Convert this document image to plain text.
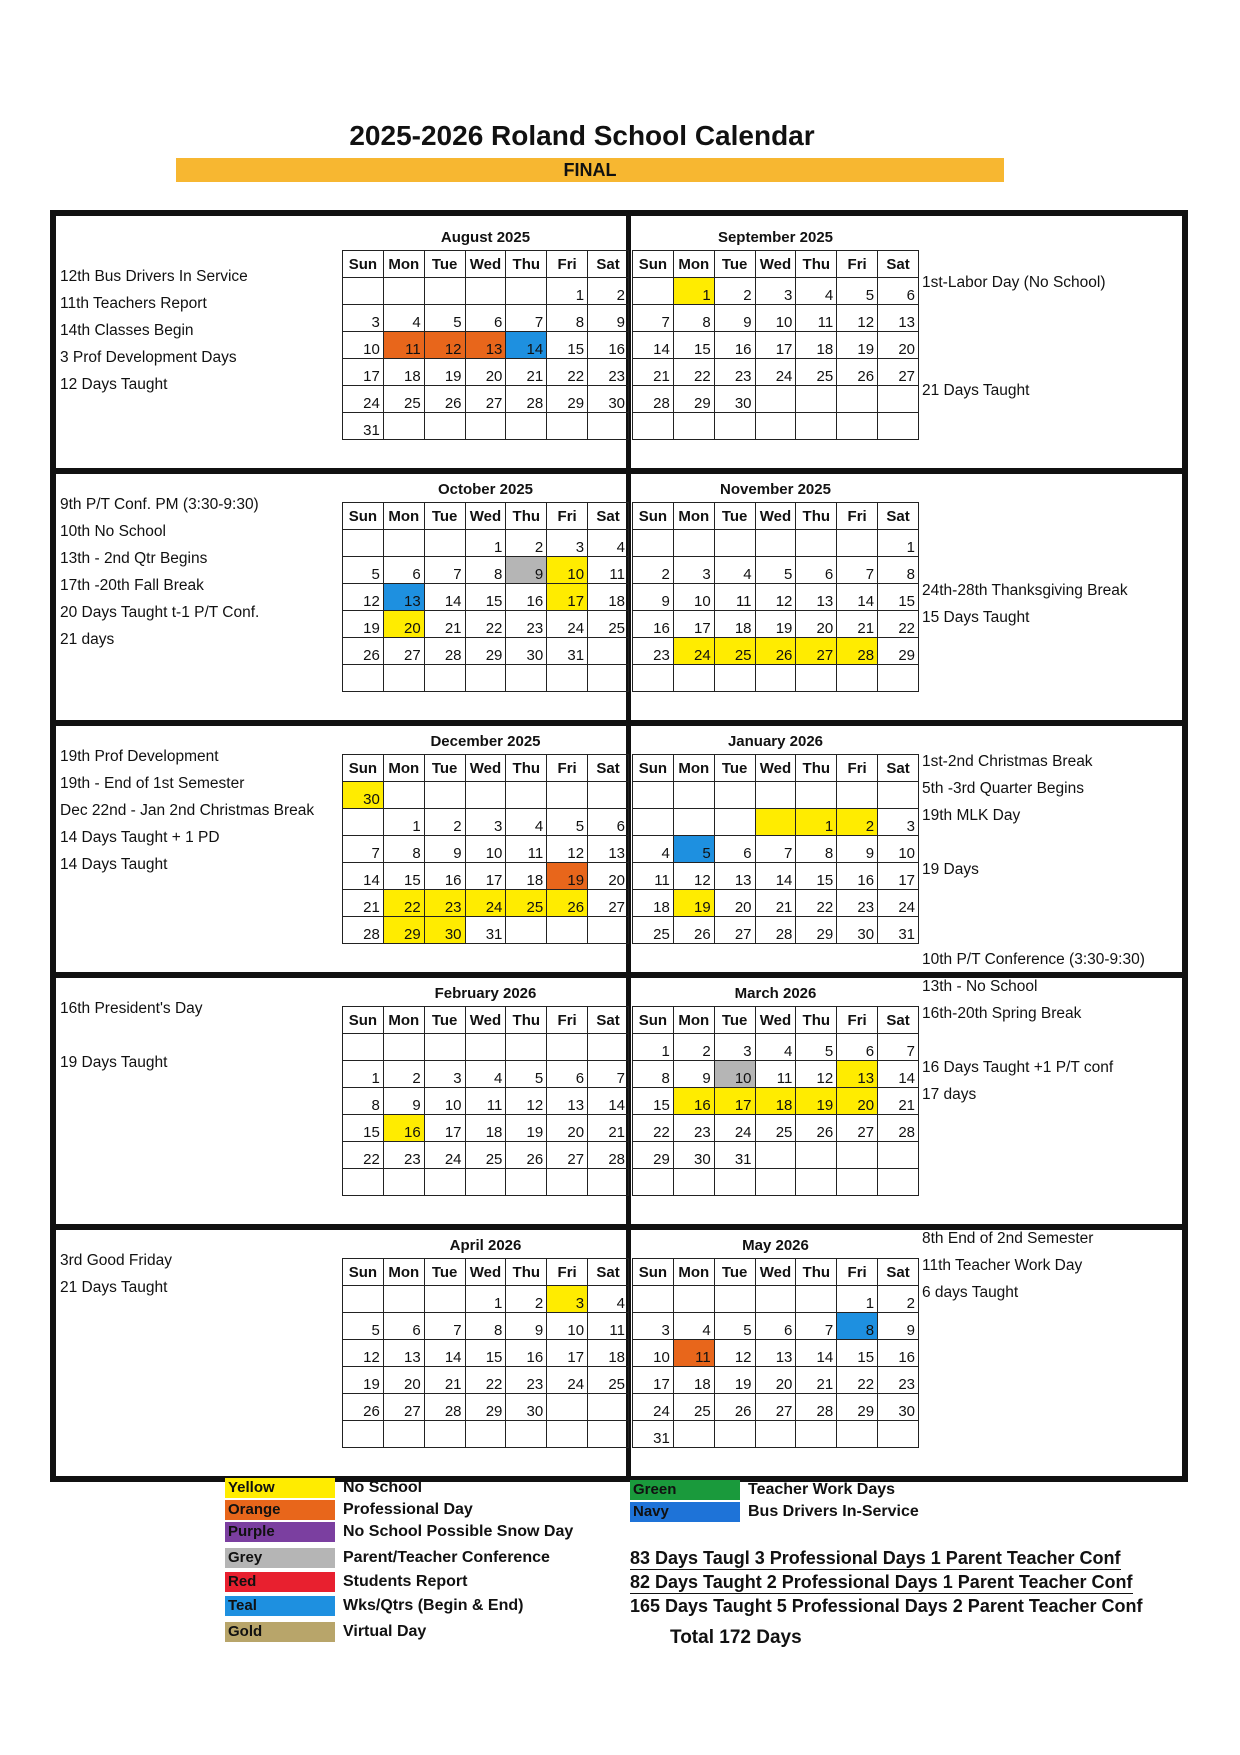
2025-2026 Roland School Calendar
FINAL
August 2025
Sun	Mon	Tue	Wed	Thu	Fri	Sat
					1	2
3	4	5	6	7	8	9
10	11	12	13	14	15	16
17	18	19	20	21	22	23
24	25	26	27	28	29	30
31						
September 2025
Sun	Mon	Tue	Wed	Thu	Fri	Sat
	1	2	3	4	5	6
7	8	9	10	11	12	13
14	15	16	17	18	19	20
21	22	23	24	25	26	27
28	29	30				

October 2025
Sun	Mon	Tue	Wed	Thu	Fri	Sat
			1	2	3	4
5	6	7	8	9	10	11
12	13	14	15	16	17	18
19	20	21	22	23	24	25
26	27	28	29	30	31	

November 2025
Sun	Mon	Tue	Wed	Thu	Fri	Sat
						1
2	3	4	5	6	7	8
9	10	11	12	13	14	15
16	17	18	19	20	21	22
23	24	25	26	27	28	29

December 2025
Sun	Mon	Tue	Wed	Thu	Fri	Sat
30						
	1	2	3	4	5	6
7	8	9	10	11	12	13
14	15	16	17	18	19	20
21	22	23	24	25	26	27
28	29	30	31			
January 2026
Sun	Mon	Tue	Wed	Thu	Fri	Sat

				1	2	3
4	5	6	7	8	9	10
11	12	13	14	15	16	17
18	19	20	21	22	23	24
25	26	27	28	29	30	31
February 2026
Sun	Mon	Tue	Wed	Thu	Fri	Sat

1	2	3	4	5	6	7
8	9	10	11	12	13	14
15	16	17	18	19	20	21
22	23	24	25	26	27	28

March 2026
Sun	Mon	Tue	Wed	Thu	Fri	Sat
1	2	3	4	5	6	7
8	9	10	11	12	13	14
15	16	17	18	19	20	21
22	23	24	25	26	27	28
29	30	31				

April 2026
Sun	Mon	Tue	Wed	Thu	Fri	Sat
			1	2	3	4
5	6	7	8	9	10	11
12	13	14	15	16	17	18
19	20	21	22	23	24	25
26	27	28	29	30		

May 2026
Sun	Mon	Tue	Wed	Thu	Fri	Sat
					1	2
3	4	5	6	7	8	9
10	11	12	13	14	15	16
17	18	19	20	21	22	23
24	25	26	27	28	29	30
31						
12th Bus Drivers In Service
11th Teachers Report
14th Classes Begin
3 Prof Development Days
12 Days Taught
1st-Labor Day (No School)
21 Days Taught
9th P/T Conf. PM (3:30-9:30)
10th No School
13th - 2nd Qtr Begins
17th -20th Fall Break
20 Days Taught t-1 P/T Conf.
21 days
24th-28th Thanksgiving Break
15 Days Taught
19th Prof Development
19th - End of 1st Semester
Dec 22nd - Jan 2nd Christmas Break
14 Days Taught + 1 PD
14 Days Taught
1st-2nd Christmas Break
5th -3rd Quarter Begins
19th MLK Day
19 Days
16th President's Day
19 Days Taught
10th P/T Conference (3:30-9:30)
13th - No School
16th-20th Spring Break
16 Days Taught +1 P/T conf
17 days
3rd Good Friday
21 Days Taught
8th End of 2nd Semester
11th Teacher Work Day
6 days Taught
Yellow	No School
Orange	Professional Day
Purple	No School Possible Snow Day
Grey	Parent/Teacher Conference
Red	Students Report
Teal	Wks/Qtrs (Begin & End)
Gold	Virtual Day
Green	Teacher Work Days
Navy	Bus Drivers In-Service
83 Days Taugl 3 Professional Days 1 Parent Teacher Conf
82 Days Taught 2 Professional Days 1 Parent Teacher Conf
165 Days Taught 5 Professional Days 2 Parent Teacher Conf
Total 172 Days
